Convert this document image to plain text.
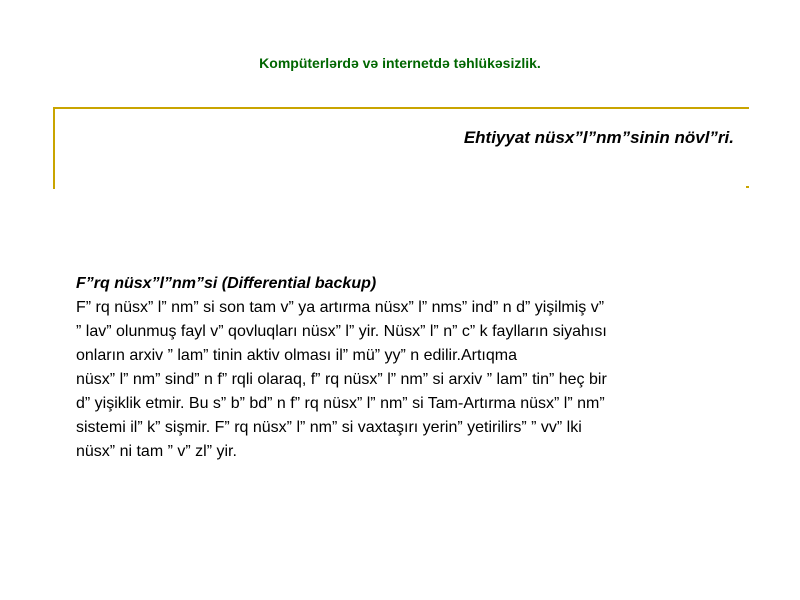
Kompüterlərdə və internetdə təhlükəsizlik.
Ehtiyyat nüsx”l”nm”sinin növl”ri.

F”rq nüsx”l”nm”si (Differential backup)

F” rq nüsx” l” nm” si son tam v” ya artırma nüsx” l” nms” ind” n d” yişilmiş v”

” lav” olunmuş fayl v” qovluqları nüsx” l” yir. Nüsx” l” n” c” k faylların siyahısı

onların arxiv ” lam” tinin aktiv olması il” mü” yy” n edilir.Artıqma

nüsx” l” nm” sind” n f” rqli olaraq, f” rq nüsx” l” nm” si arxiv ” lam” tin” heç bir

d” yişiklik etmir. Bu s” b” bd” n f” rq nüsx” l” nm” si Tam-Artırma nüsx” l” nm”

sistemi il” k” sişmir. F” rq nüsx” l” nm” si vaxtaşırı yerin” yetirilirs” ” vv” lki

nüsx” ni tam ” v” zl” yir.
